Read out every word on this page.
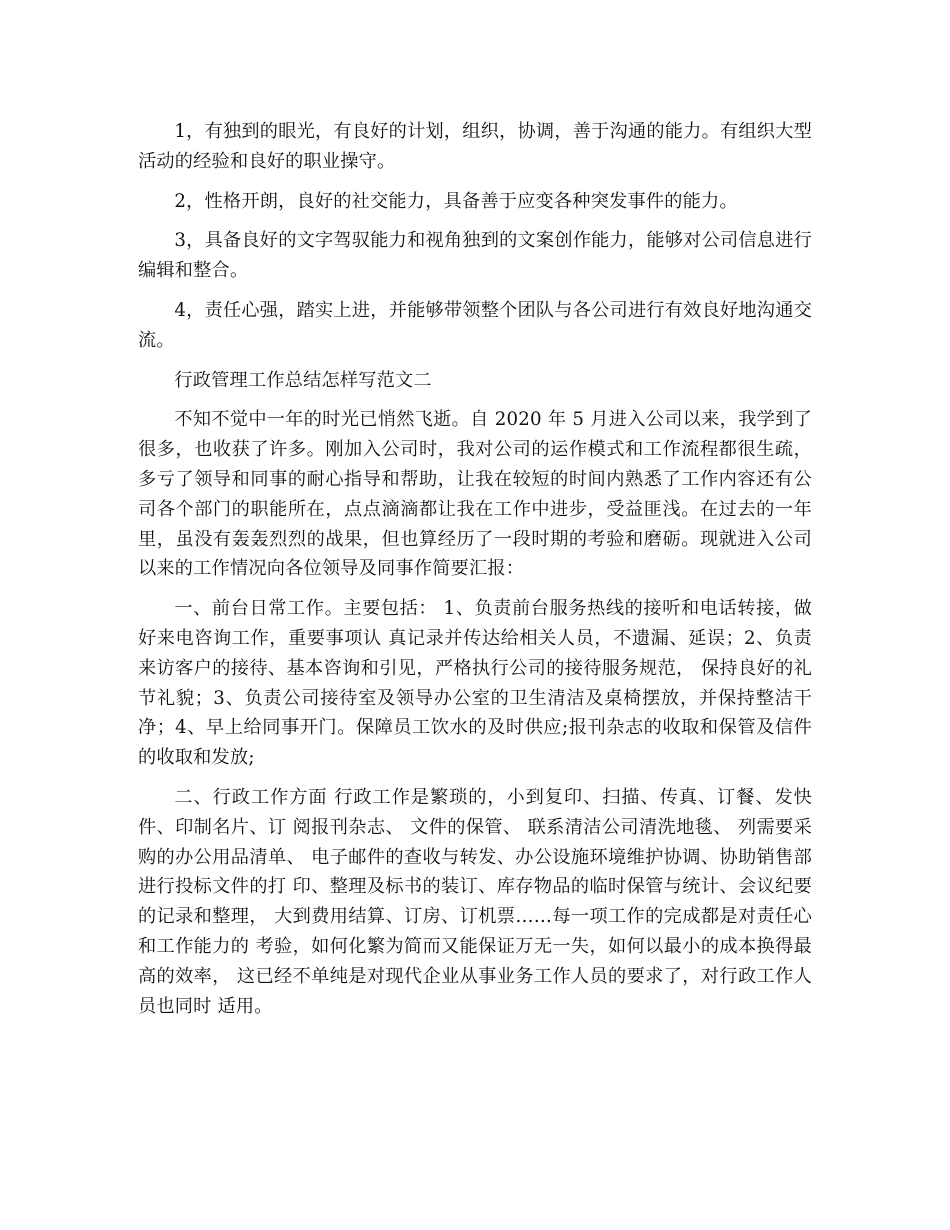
1，有独到的眼光，有良好的计划，组织，协调，善于沟通的能力。有组织大型活动的经验和良好的职业操守。

2，性格开朗，良好的社交能力，具备善于应变各种突发事件的能力。

3，具备良好的文字驾驭能力和视角独到的文案创作能力，能够对公司信息进行编辑和整合。

4，责任心强，踏实上进，并能够带领整个团队与各公司进行有效良好地沟通交流。

行政管理工作总结怎样写范文二

不知不觉中一年的时光已悄然飞逝。自 2020 年 5 月进入公司以来，我学到了很多，也收获了许多。刚加入公司时，我对公司的运作模式和工作流程都很生疏，多亏了领导和同事的耐心指导和帮助，让我在较短的时间内熟悉了工作内容还有公司各个部门的职能所在，点点滴滴都让我在工作中进步，受益匪浅。在过去的一年里，虽没有轰轰烈烈的战果，但也算经历了一段时期的考验和磨砺。现就进入公司以来的工作情况向各位领导及同事作简要汇报：

一、前台日常工作。主要包括： 1、负责前台服务热线的接听和电话转接，做好来电咨询工作，重要事项认 真记录并传达给相关人员，不遗漏、延误；2、负责来访客户的接待、基本咨询和引见，严格执行公司的接待服务规范， 保持良好的礼节礼貌；3、负责公司接待室及领导办公室的卫生清洁及桌椅摆放，并保持整洁干净；4、早上给同事开门。保障员工饮水的及时供应;报刊杂志的收取和保管及信件的收取和发放;

二、行政工作方面 行政工作是繁琐的，小到复印、扫描、传真、订餐、发快件、印制名片、订 阅报刊杂志、 文件的保管、 联系清洁公司清洗地毯、 列需要采购的办公用品清单、 电子邮件的查收与转发、办公设施环境维护协调、协助销售部进行投标文件的打 印、整理及标书的装订、库存物品的临时保管与统计、会议纪要的记录和整理， 大到费用结算、订房、订机票……每一项工作的完成都是对责任心和工作能力的 考验，如何化繁为简而又能保证万无一失，如何以最小的成本换得最高的效率， 这已经不单纯是对现代企业从事业务工作人员的要求了，对行政工作人员也同时 适用。
